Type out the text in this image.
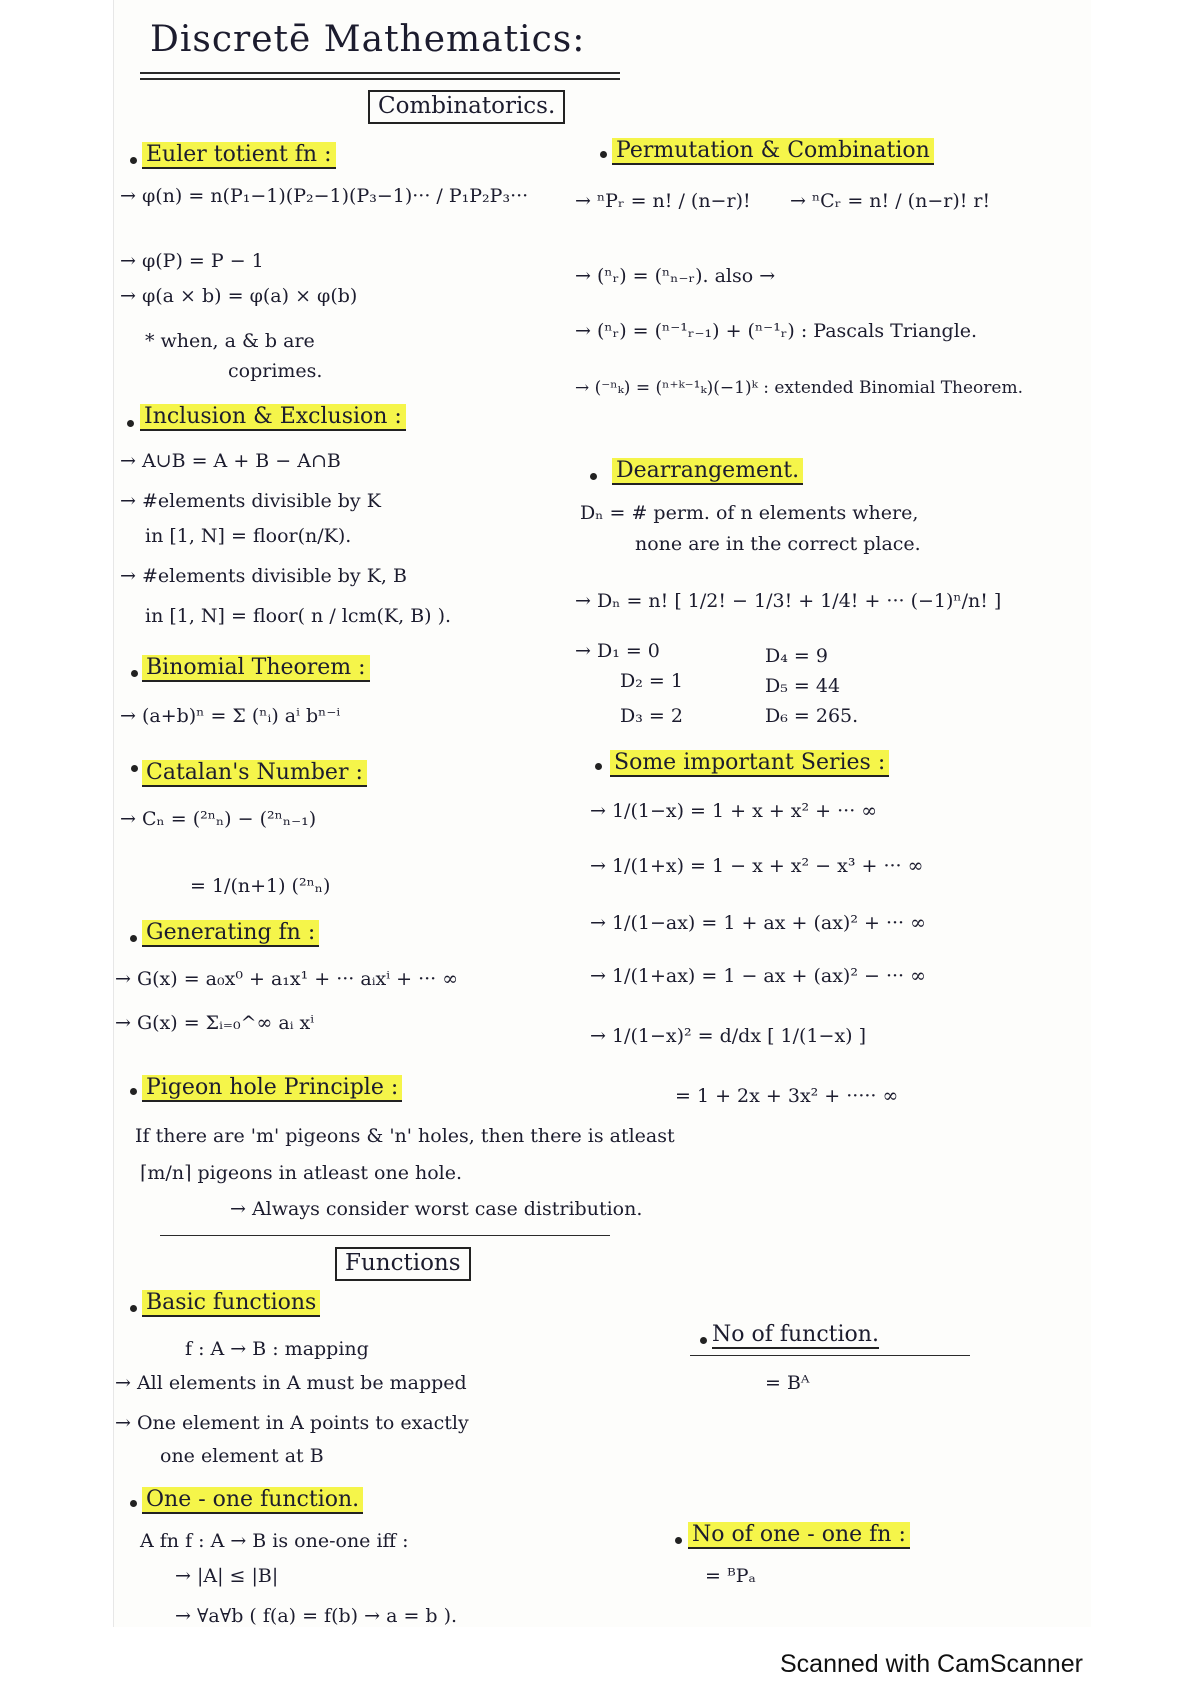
Discretē Mathematics:
Combinatorics.
Euler totient fn :
→ φ(n) = n(P₁−1)(P₂−1)(P₃−1)··· / P₁P₂P₃···
→ φ(P) = P − 1
→ φ(a × b) = φ(a) × φ(b)
* when, a & b are
coprimes.
Inclusion & Exclusion :
→ A∪B = A + B − A∩B
→ #elements divisible by K
in [1, N] = floor(n/K).
→ #elements divisible by K, B
in [1, N] = floor( n / lcm(K, B) ).
Binomial Theorem :
→ (a+b)ⁿ = Σ (ⁿᵢ) aⁱ bⁿ⁻ⁱ
Catalan's Number :
→ Cₙ = (²ⁿₙ) − (²ⁿₙ₋₁)
= 1/(n+1) (²ⁿₙ)
Generating fn :
→ G(x) = a₀x⁰ + a₁x¹ + ··· aᵢxⁱ + ··· ∞
→ G(x) = Σᵢ₌₀^∞ aᵢ xⁱ
Permutation & Combination
→ ⁿPᵣ = n! / (n−r)! → ⁿCᵣ = n! / (n−r)! r!
→ (ⁿᵣ) = (ⁿₙ₋ᵣ). also →
→ (ⁿᵣ) = (ⁿ⁻¹ᵣ₋₁) + (ⁿ⁻¹ᵣ) : Pascals Triangle.
→ (⁻ⁿₖ) = (ⁿ⁺ᵏ⁻¹ₖ)(−1)ᵏ : extended Binomial Theorem.
Dearrangement.
Dₙ = # perm. of n elements where,
none are in the correct place.
→ Dₙ = n! [ 1/2! − 1/3! + 1/4! + ··· (−1)ⁿ/n! ]
→ D₁ = 0
D₂ = 1
D₃ = 2
D₄ = 9
D₅ = 44
D₆ = 265.
Some important Series :
→ 1/(1−x) = 1 + x + x² + ··· ∞
→ 1/(1+x) = 1 − x + x² − x³ + ··· ∞
→ 1/(1−ax) = 1 + ax + (ax)² + ··· ∞
→ 1/(1+ax) = 1 − ax + (ax)² − ··· ∞
→ 1/(1−x)² = d/dx [ 1/(1−x) ]
= 1 + 2x + 3x² + ····· ∞
Pigeon hole Principle :
If there are 'm' pigeons & 'n' holes, then there is atleast
⌈m/n⌉ pigeons in atleast one hole.
→ Always consider worst case distribution.
Functions
Basic functions
f : A → B : mapping
→ All elements in A must be mapped
→ One element in A points to exactly
one element at B
No of function.
= Bᴬ
One - one function.
A fn f : A → B is one-one iff :
→ |A| ≤ |B|
→ ∀a∀b ( f(a) = f(b) → a = b ).
No of one - one fn :
= ᴮPₐ
Scanned with CamScanner
